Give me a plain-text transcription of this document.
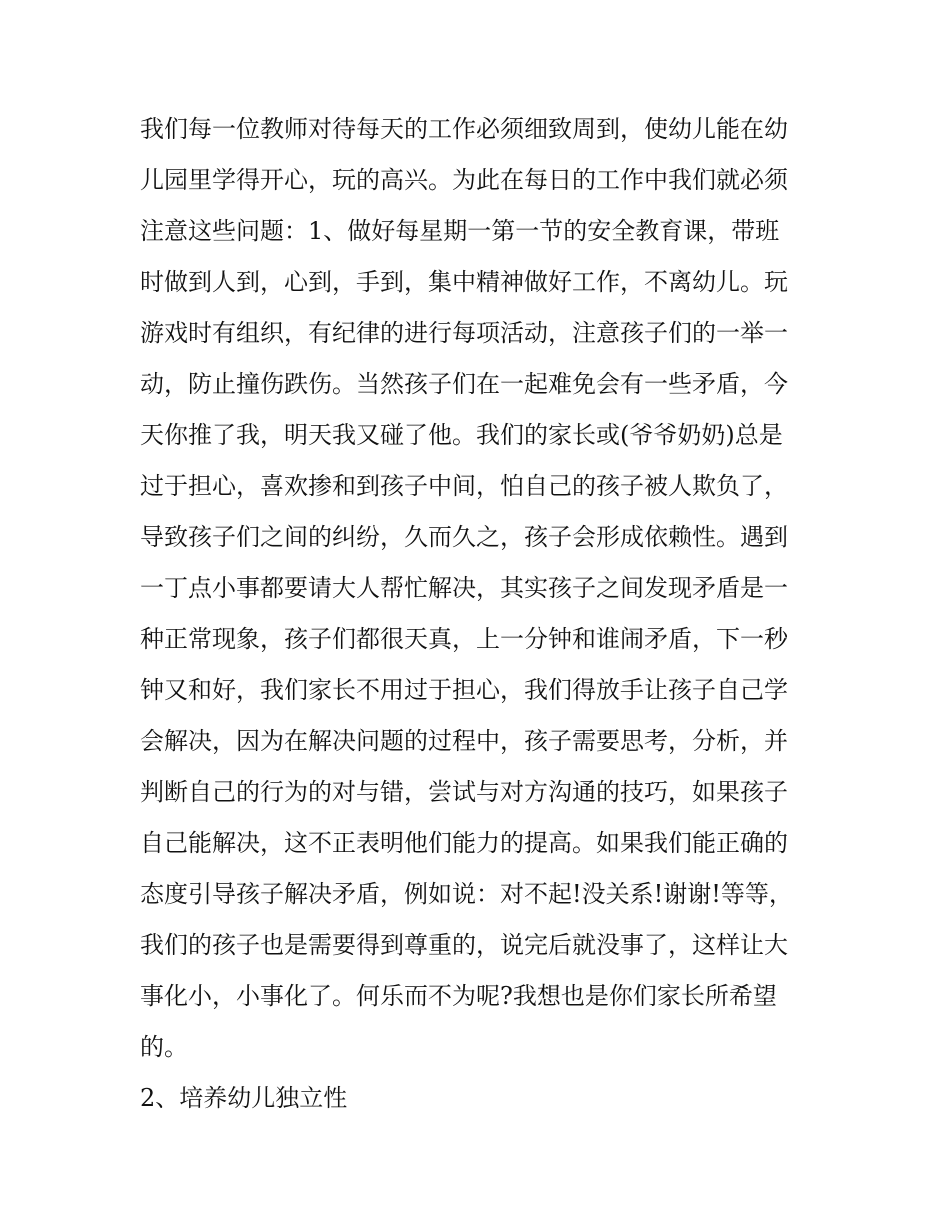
我们每一位教师对待每天的工作必须细致周到，使幼儿能在幼
儿园里学得开心，玩的高兴。为此在每日的工作中我们就必须
注意这些问题：1、做好每星期一第一节的安全教育课，带班
时做到人到，心到，手到，集中精神做好工作，不离幼儿。玩
游戏时有组织，有纪律的进行每项活动，注意孩子们的一举一
动，防止撞伤跌伤。当然孩子们在一起难免会有一些矛盾，今
天你推了我，明天我又碰了他。我们的家长或(爷爷奶奶)总是
过于担心，喜欢掺和到孩子中间，怕自己的孩子被人欺负了，
导致孩子们之间的纠纷，久而久之，孩子会形成依赖性。遇到
一丁点小事都要请大人帮忙解决，其实孩子之间发现矛盾是一
种正常现象，孩子们都很天真，上一分钟和谁闹矛盾，下一秒
钟又和好，我们家长不用过于担心，我们得放手让孩子自己学
会解决，因为在解决问题的过程中，孩子需要思考，分析，并
判断自己的行为的对与错，尝试与对方沟通的技巧，如果孩子
自己能解决，这不正表明他们能力的提高。如果我们能正确的
态度引导孩子解决矛盾，例如说：对不起!没关系!谢谢!等等，
我们的孩子也是需要得到尊重的，说完后就没事了，这样让大
事化小，小事化了。何乐而不为呢?我想也是你们家长所希望
的。
2、培养幼儿独立性
